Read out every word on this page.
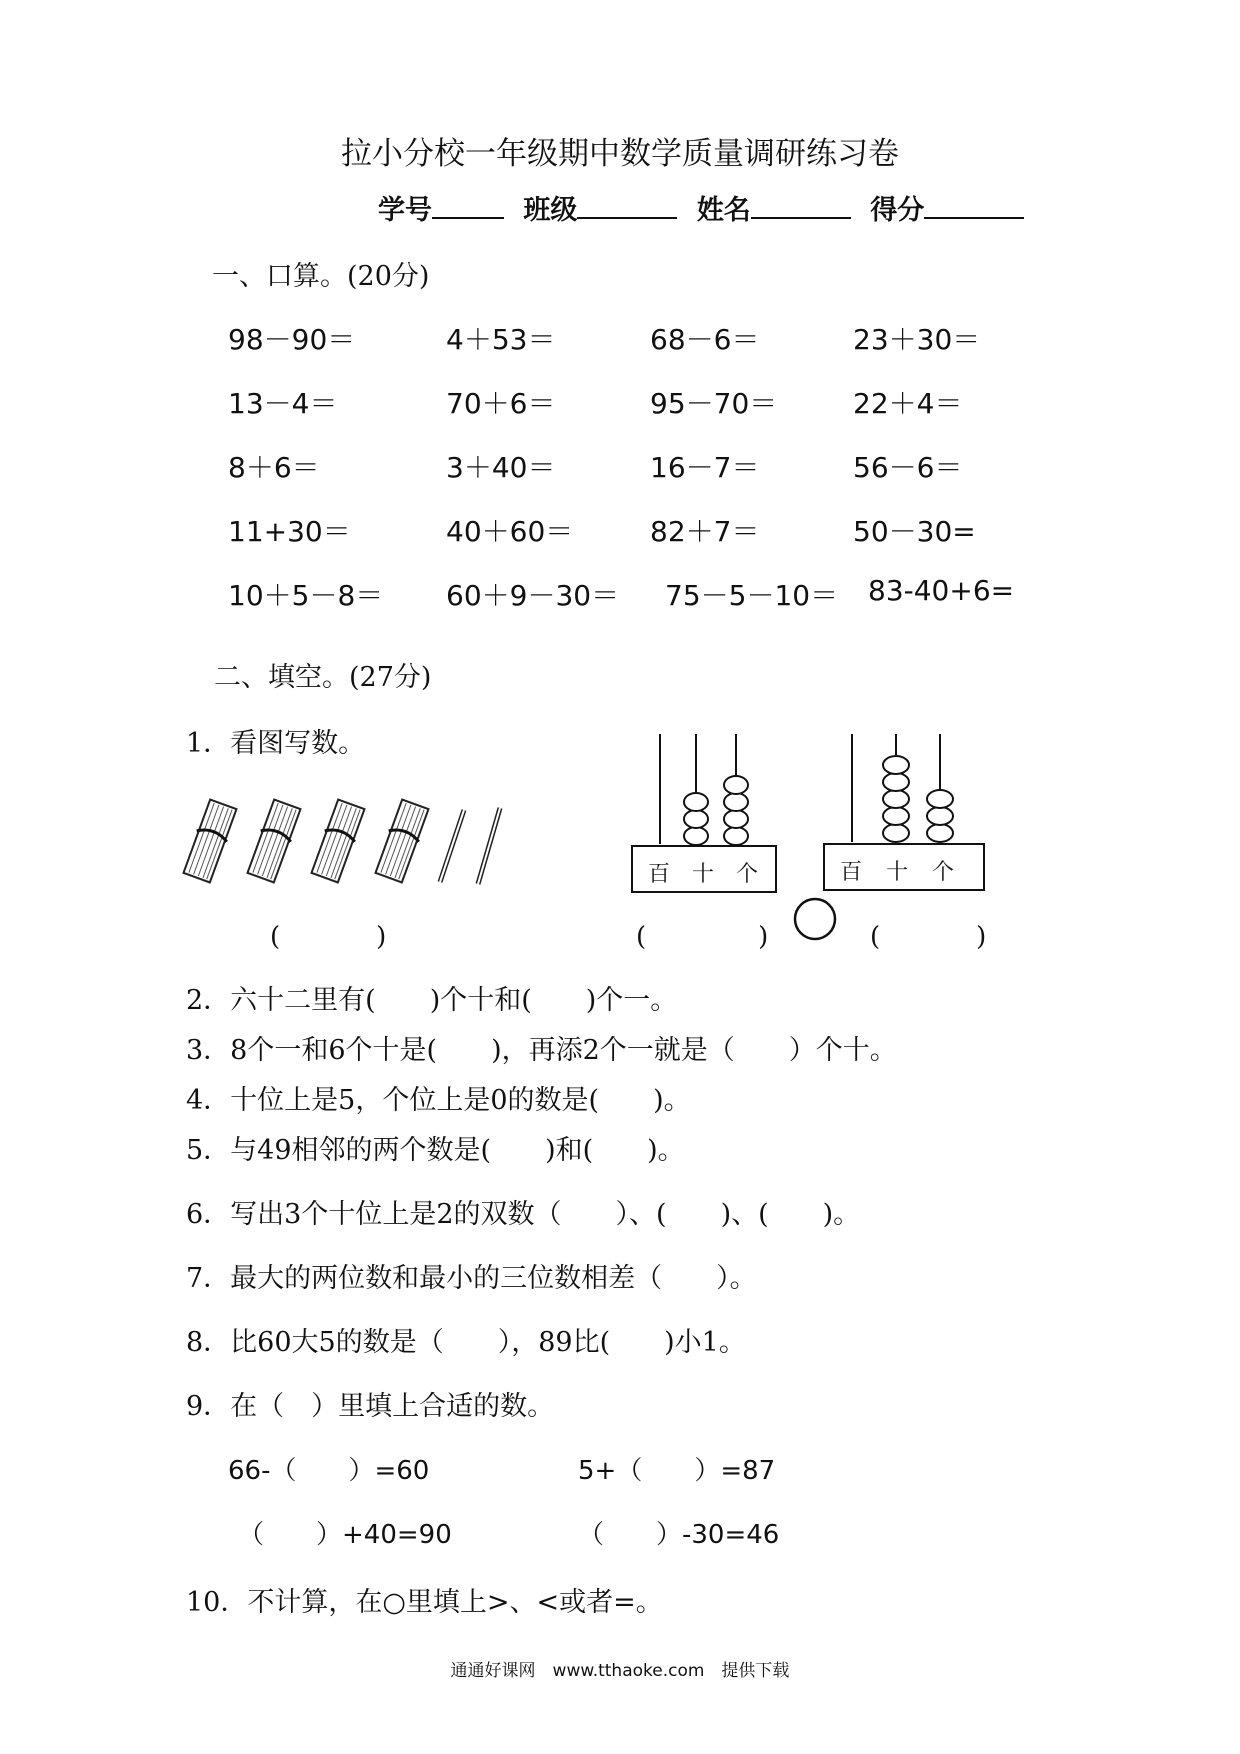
拉小分校一年级期中数学质量调研练习卷
学号	班级	姓名	得分
一、口算。(20分)
98－90＝	4＋53＝	68－6＝	23＋30＝
13－4＝	70＋6＝	95－70＝	22＋4＝
8＋6＝	3＋40＝	16－7＝	56－6＝
11+30＝	40＋60＝	82＋7＝	50－30=
10＋5－8＝ 60＋9－30＝ 75－5－10＝ 83-40+6=
二、填空。(27分)
1．看图写数。
百 十 个	百 十 个
(	)	(	)	(	)
2．六十二里有(　　)个十和(　　)个一。
3．8个一和6个十是(　　)，再添2个一就是（　　）个十。
4．十位上是5，个位上是0的数是(　　)。
5．与49相邻的两个数是(　　)和(　　)。
6．写出3个十位上是2的双数（　　）、(　　)、(　　)。
7．最大的两位数和最小的三位数相差（　　）。
8．比60大5的数是（　　），89比(　　)小1。
9．在（　）里填上合适的数。
66-（　　）=60	5+（　　）=87
（　　）+40=90	（　　）-30=46
10．不计算，在○里填上>、<或者=。
通通好课网　www.tthaoke.com　提供下载
